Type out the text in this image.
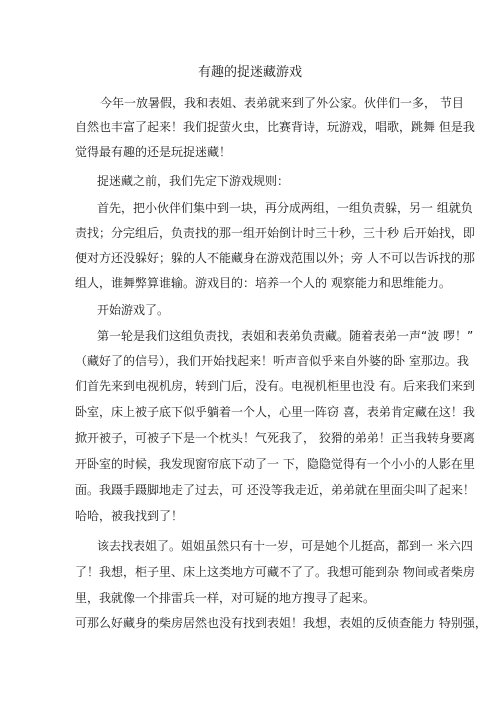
有趣的捉迷藏游戏
今年一放暑假，我和表姐、表弟就来到了外公家。伙伴们一多， 节目
自然也丰富了起来！我们捉萤火虫，比赛背诗，玩游戏，唱歌，跳舞 但是我
觉得最有趣的还是玩捉迷藏！
捉迷藏之前，我们先定下游戏规则：
首先，把小伙伴们集中到一块，再分成两组，一组负责躲，另一 组就负
责找；分完组后，负责找的那一组开始倒计时三十秒，三十秒 后开始找，即
便对方还没躲好；躲的人不能藏身在游戏范围以外；旁 人不可以告诉找的那
组人，谁舞弊算谁输。游戏目的：培养一个人的 观察能力和思维能力。
开始游戏了。
第一轮是我们这组负责找，表姐和表弟负责藏。随着表弟一声“波 啰！”
（藏好了的信号），我们开始找起来！听声音似乎来自外婆的卧 室那边。我
们首先来到电视机房，转到门后，没有。电视机柜里也没 有。后来我们来到
卧室，床上被子底下似乎躺着一个人，心里一阵窃 喜，表弟肯定藏在这！我
掀开被子，可被子下是一个枕头！气死我了， 狡猾的弟弟！正当我转身要离
开卧室的时候，我发现窗帘底下动了一 下，隐隐觉得有一个小小的人影在里
面。我蹑手蹑脚地走了过去，可 还没等我走近，弟弟就在里面尖叫了起来！
哈哈，被我找到了！
该去找表姐了。姐姐虽然只有十一岁，可是她个儿挺高，都到一 米六四
了！我想，柜子里、床上这类地方可藏不了了。我想可能到杂 物间或者柴房
里，我就像一个排雷兵一样，对可疑的地方搜寻了起来。
可那么好藏身的柴房居然也没有找到表姐！我想，表姐的反侦查能力 特别强，
